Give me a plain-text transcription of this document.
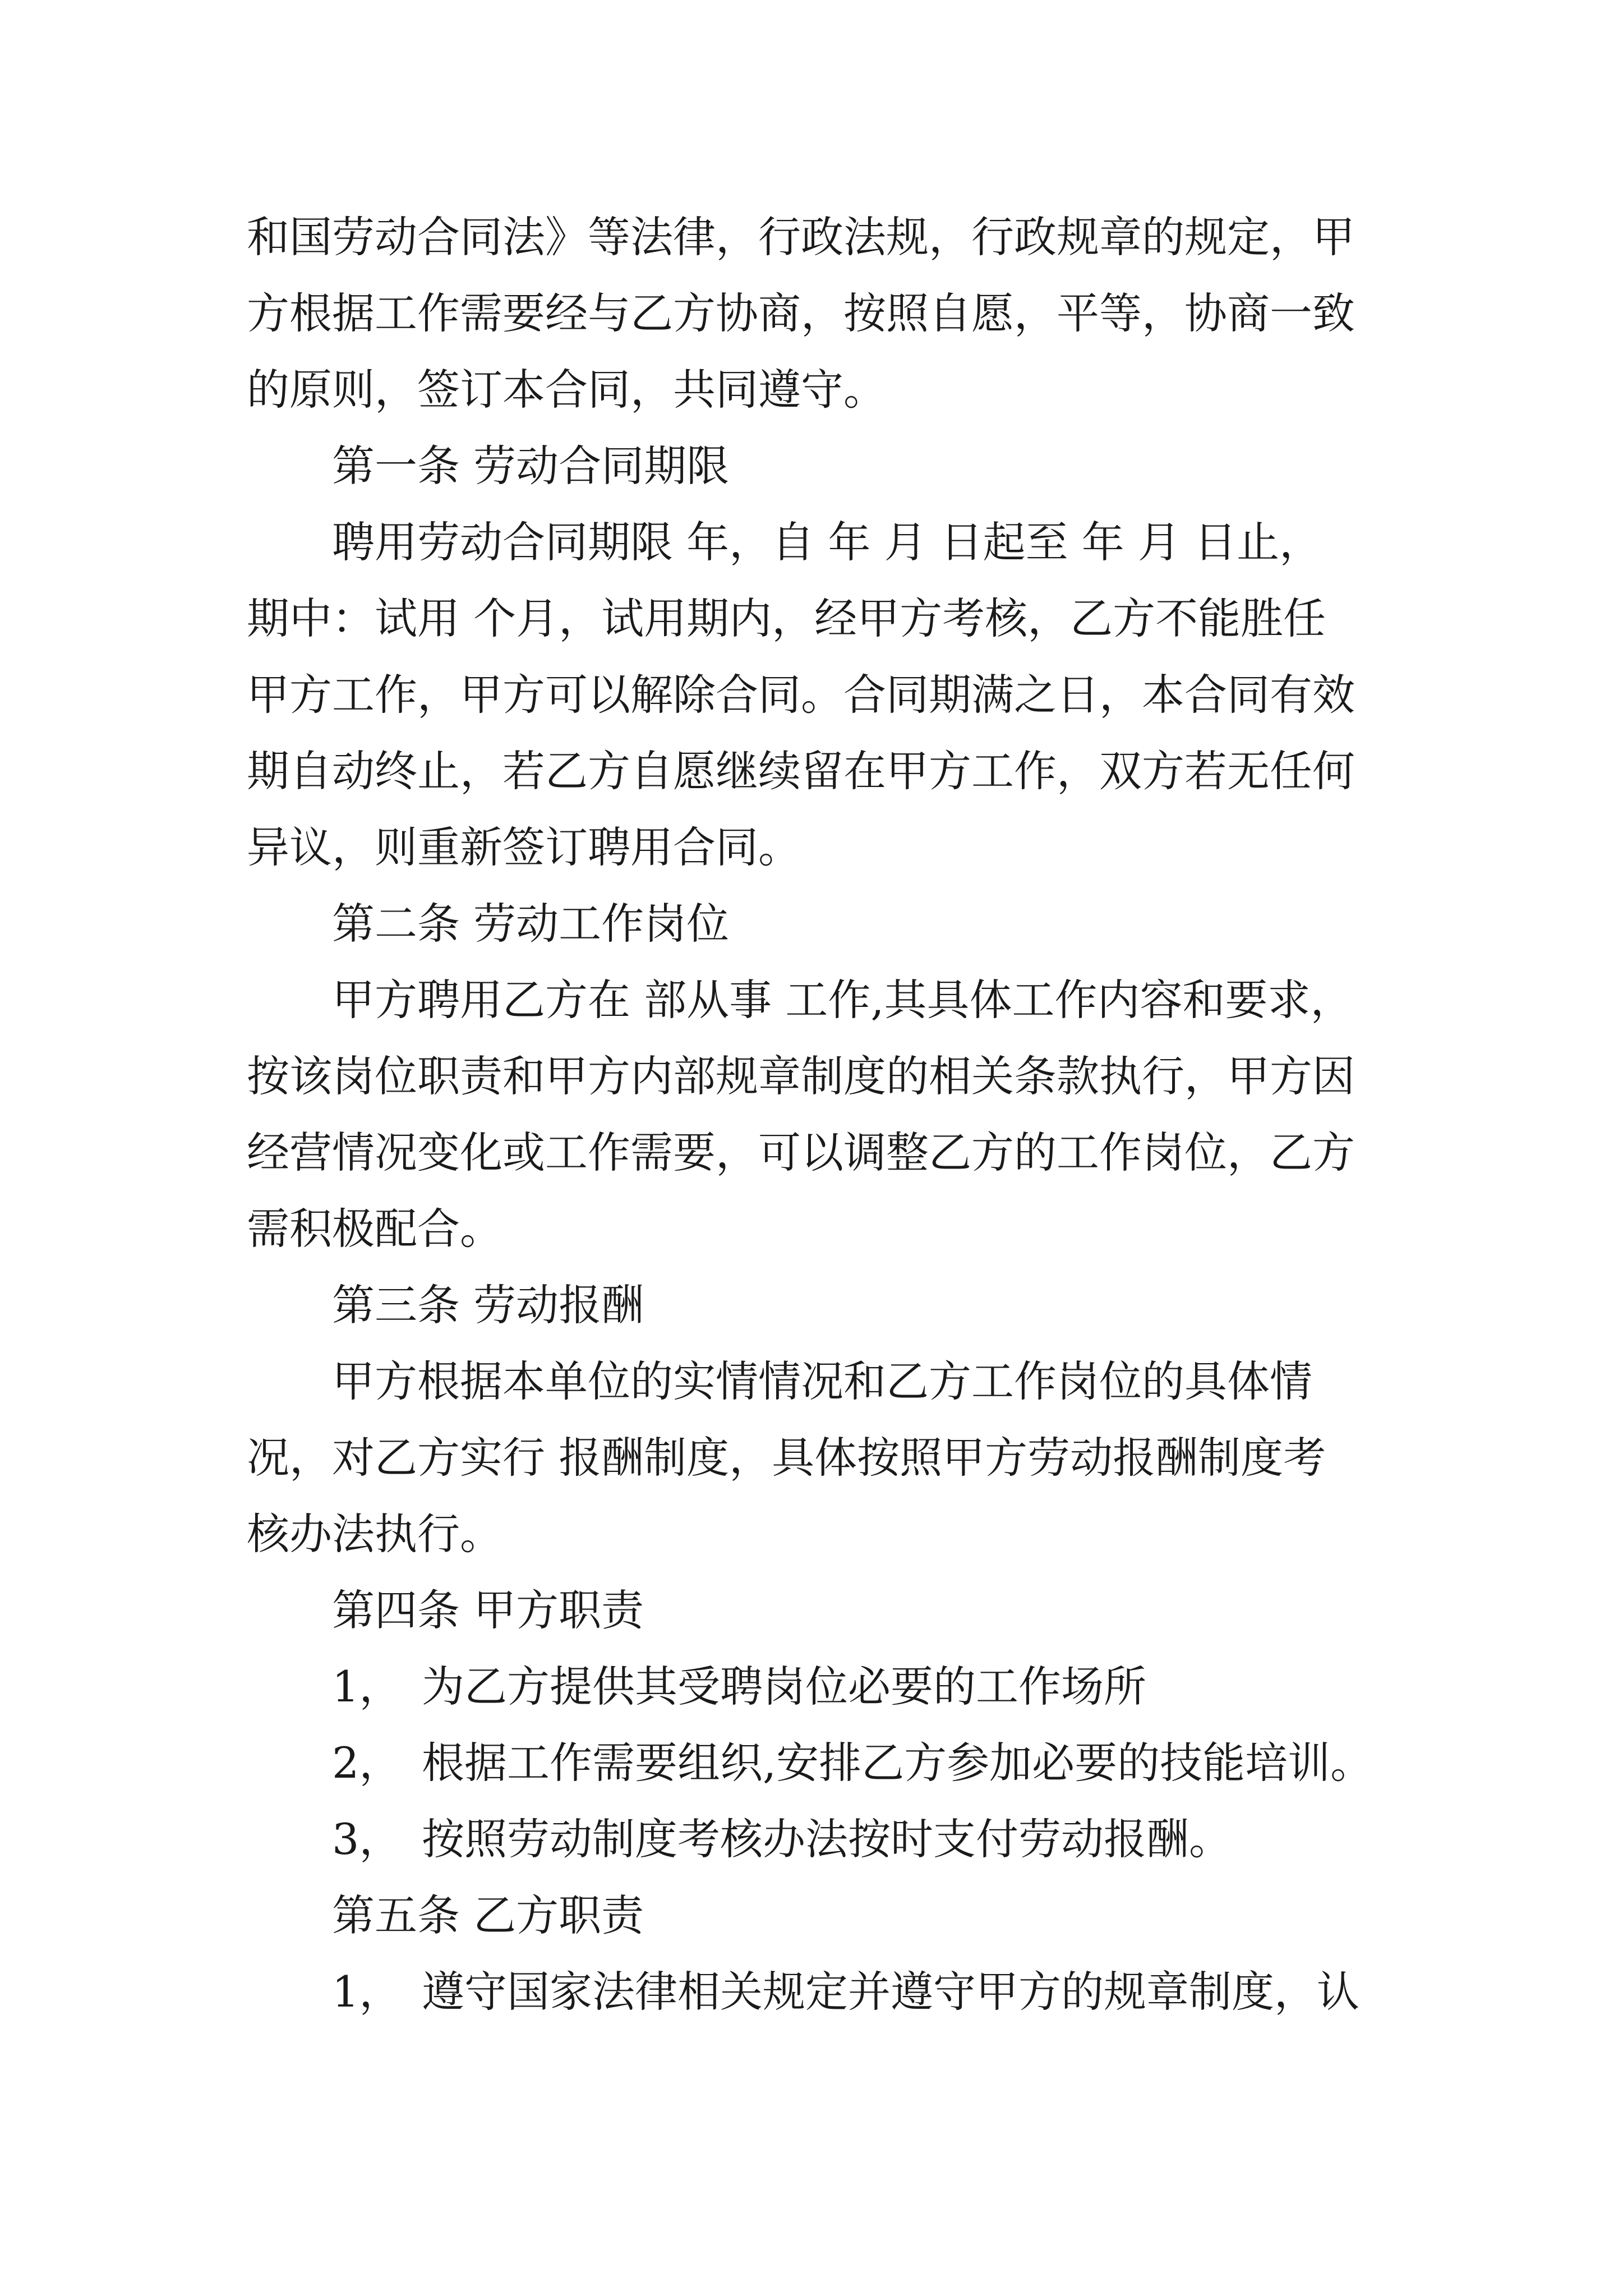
和国劳动合同法》等法律，行政法规，行政规章的规定，甲

方根据工作需要经与乙方协商，按照自愿，平等，协商一致

的原则，签订本合同，共同遵守。

第一条 劳动合同期限

聘用劳动合同期限 年，自 年 月 日起至 年 月 日止，

期中：试用 个月，试用期内，经甲方考核，乙方不能胜任

甲方工作，甲方可以解除合同。合同期满之日，本合同有效

期自动终止，若乙方自愿继续留在甲方工作，双方若无任何

异议，则重新签订聘用合同。

第二条 劳动工作岗位

甲方聘用乙方在 部从事 工作,其具体工作内容和要求，

按该岗位职责和甲方内部规章制度的相关条款执行，甲方因

经营情况变化或工作需要，可以调整乙方的工作岗位，乙方

需积极配合。

第三条 劳动报酬

甲方根据本单位的实情情况和乙方工作岗位的具体情

况，对乙方实行 报酬制度，具体按照甲方劳动报酬制度考

核办法执行。

第四条 甲方职责

1， 为乙方提供其受聘岗位必要的工作场所

2， 根据工作需要组织,安排乙方参加必要的技能培训。

3， 按照劳动制度考核办法按时支付劳动报酬。

第五条 乙方职责

1， 遵守国家法律相关规定并遵守甲方的规章制度，认
